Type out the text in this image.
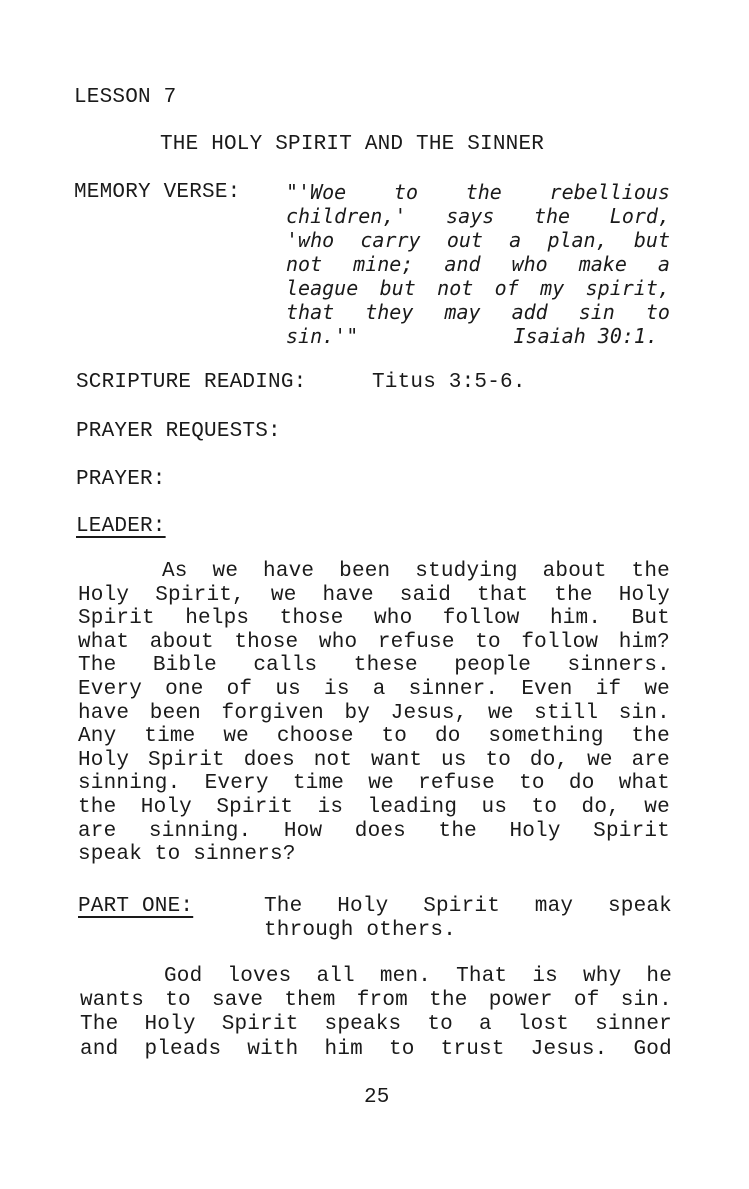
LESSON 7
THE HOLY SPIRIT AND THE SINNER
MEMORY VERSE: "'Woe to the rebellious
children,' says the Lord,
'who carry out a plan, but
not mine; and who make a
league but not of my spirit,
that they may add sin to
sin.'"	Isaiah 30:1.
SCRIPTURE READING:	Titus 3:5-6.
PRAYER REQUESTS:
PRAYER:
LEADER:
As we have been studying about the
Holy Spirit, we have said that the Holy
Spirit helps those who follow him. But
what about those who refuse to follow him?
The Bible calls these people sinners.
Every one of us is a sinner. Even if we
have been forgiven by Jesus, we still sin.
Any time we choose to do something the
Holy Spirit does not want us to do, we are
sinning. Every time we refuse to do what
the Holy Spirit is leading us to do, we
are sinning. How does the Holy Spirit
speak to sinners?
PART ONE:	The Holy Spirit may speak
through others.
God loves all men. That is why he
wants to save them from the power of sin.
The Holy Spirit speaks to a lost sinner
and pleads with him to trust Jesus. God
25
